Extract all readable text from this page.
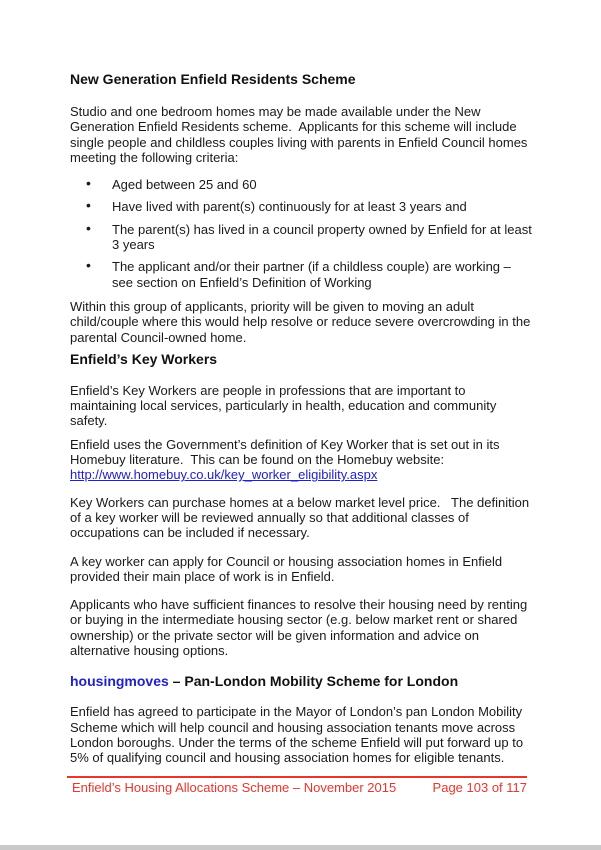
New Generation Enfield Residents Scheme

Studio and one bedroom homes may be made available under the New Generation Enfield Residents scheme.  Applicants for this scheme will include single people and childless couples living with parents in Enfield Council homes meeting the following criteria:

• Aged between 25 and 60
• Have lived with parent(s) continuously for at least 3 years and
• The parent(s) has lived in a council property owned by Enfield for at least 3 years
• The applicant and/or their partner (if a childless couple) are working – see section on Enfield’s Definition of Working

Within this group of applicants, priority will be given to moving an adult child/couple where this would help resolve or reduce severe overcrowding in the parental Council-owned home.

Enfield’s Key Workers

Enfield’s Key Workers are people in professions that are important to maintaining local services, particularly in health, education and community safety.

Enfield uses the Government’s definition of Key Worker that is set out in its Homebuy literature.  This can be found on the Homebuy website:

http://www.homebuy.co.uk/key_worker_eligibility.aspx

Key Workers can purchase homes at a below market level price.   The definition of a key worker will be reviewed annually so that additional classes of occupations can be included if necessary.

A key worker can apply for Council or housing association homes in Enfield provided their main place of work is in Enfield.

Applicants who have sufficient finances to resolve their housing need by renting or buying in the intermediate housing sector (e.g. below market rent or shared ownership) or the private sector will be given information and advice on alternative housing options.

housingmoves – Pan-London Mobility Scheme for London

Enfield has agreed to participate in the Mayor of London’s pan London Mobility Scheme which will help council and housing association tenants move across London boroughs. Under the terms of the scheme Enfield will put forward up to 5% of qualifying council and housing association homes for eligible tenants.

Enfield’s Housing Allocations Scheme – November 2015	Page 103 of 117
